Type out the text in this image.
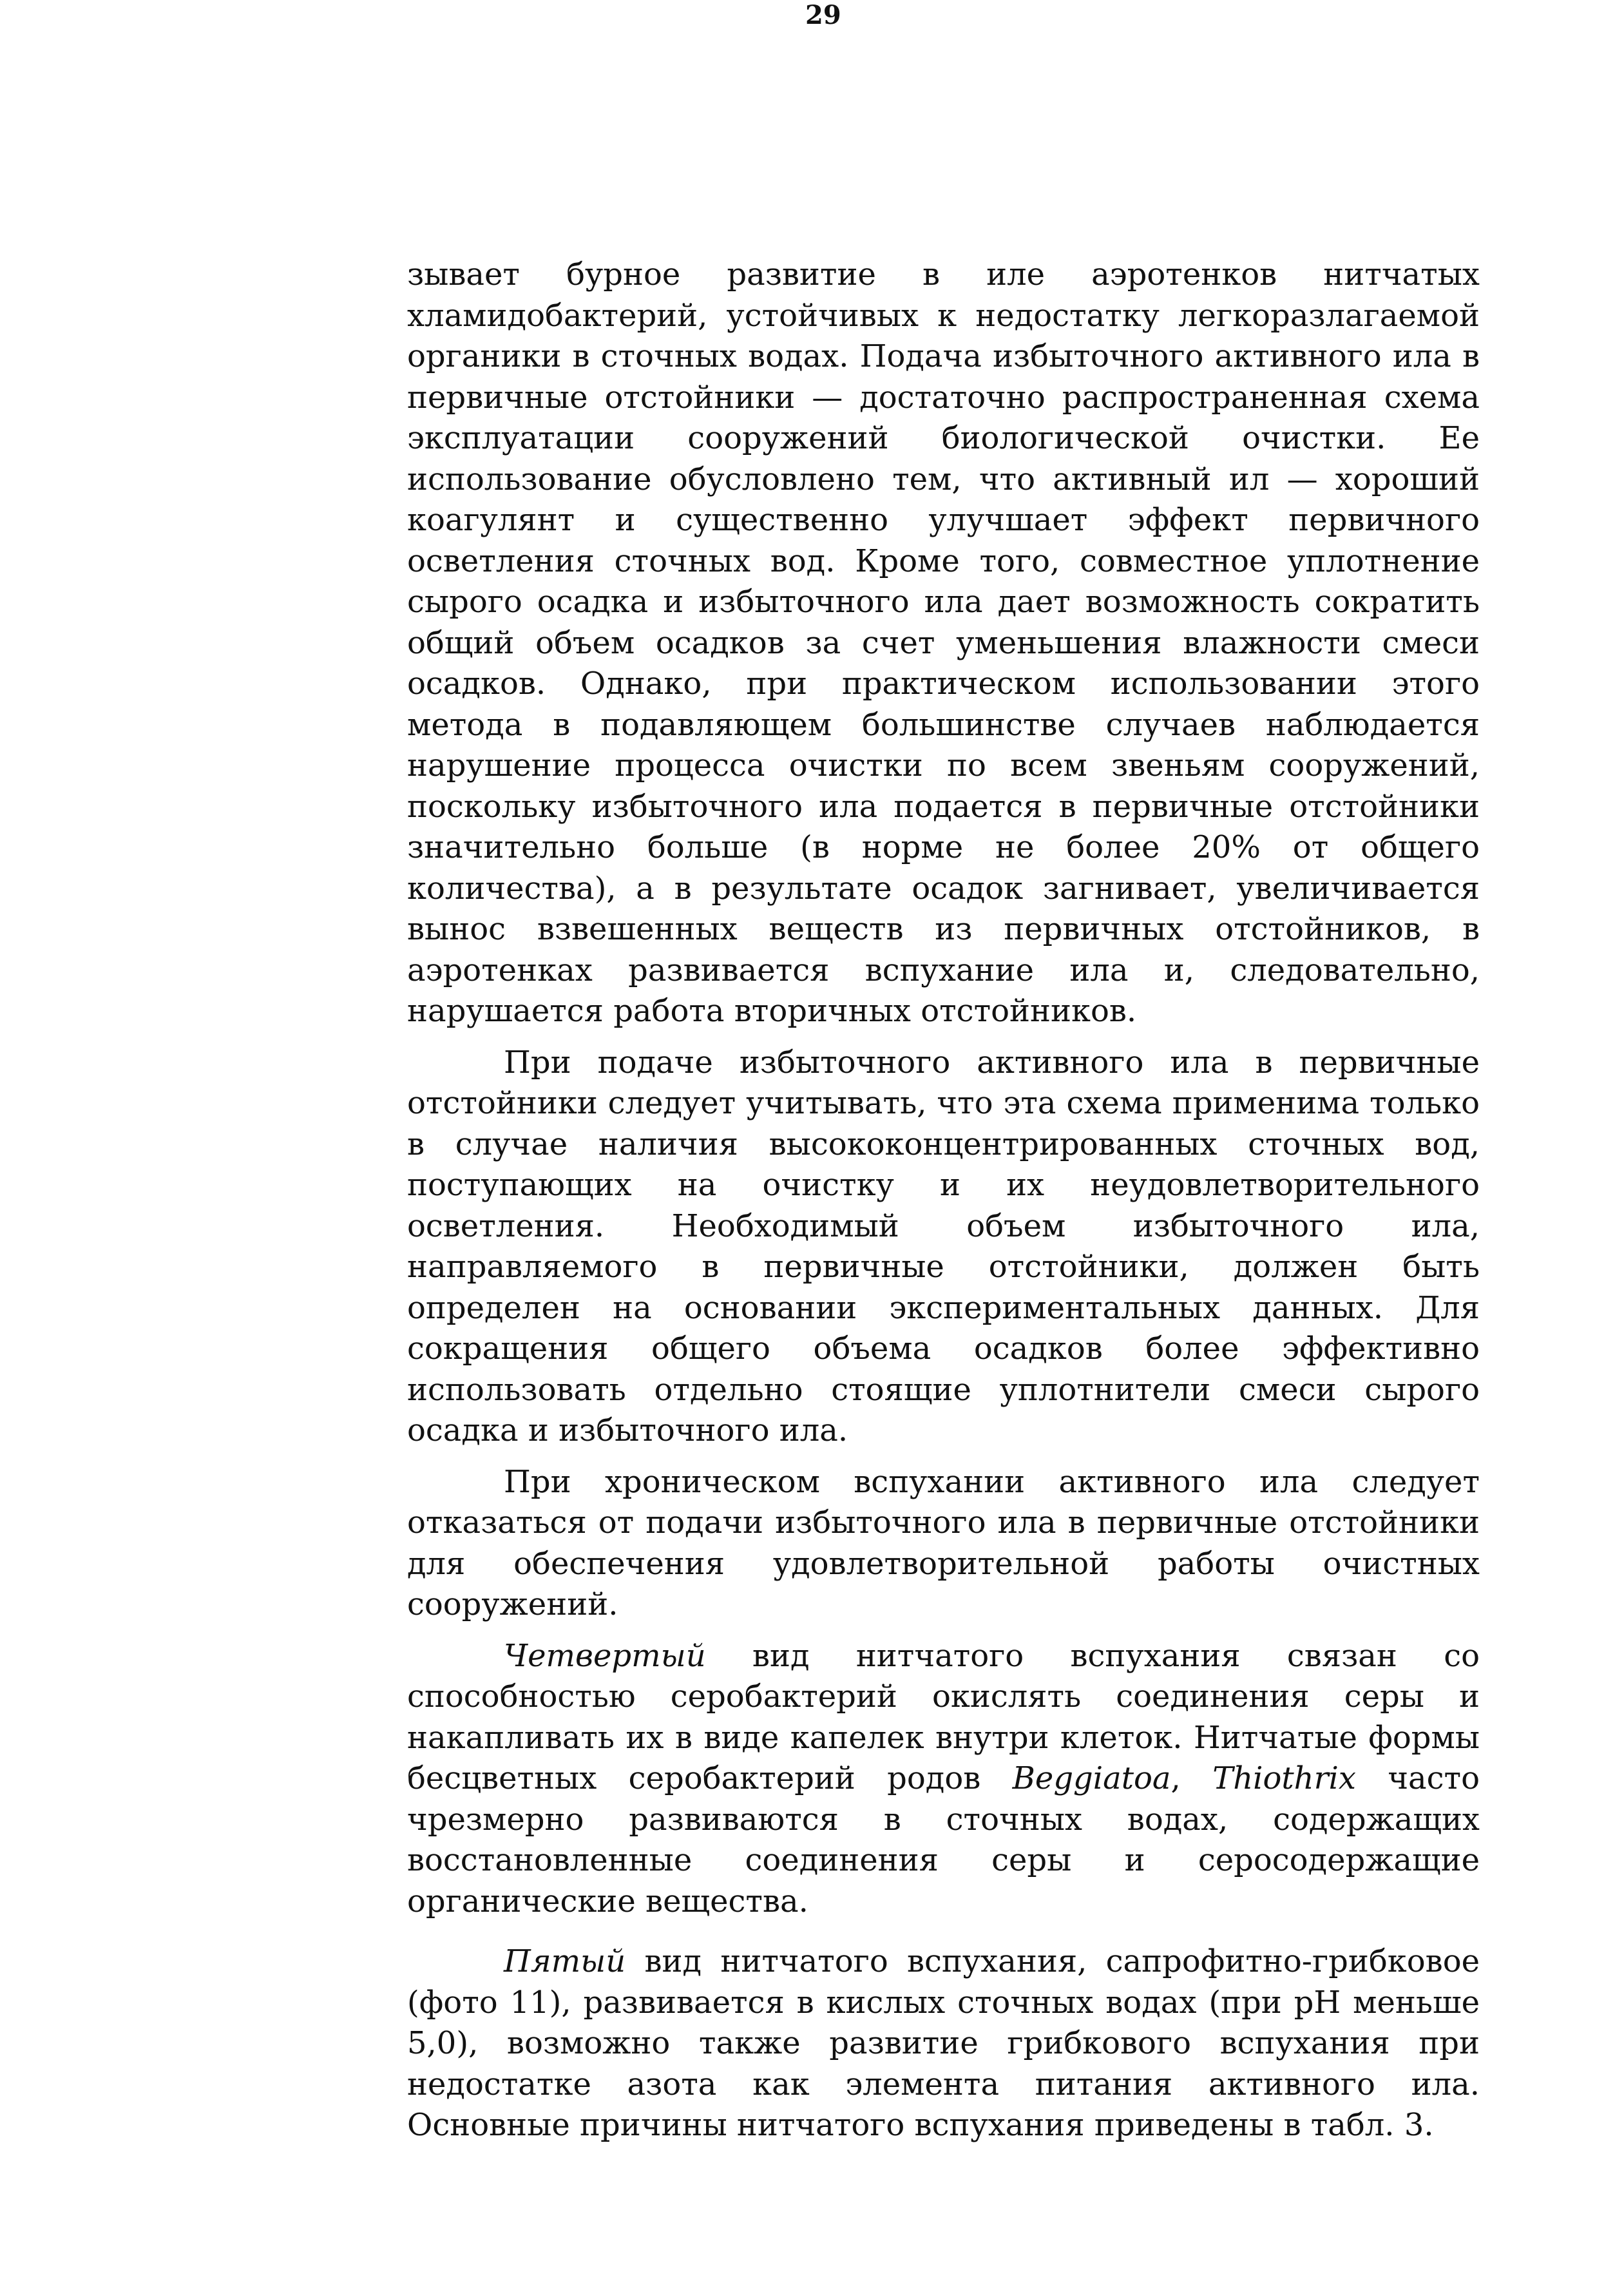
29

зывает бурное развитие в иле аэротенков нитчатых хламидобактерий, устойчивых к недостатку легкоразлагаемой органики в сточных водах. Подача избыточного активного ила в первичные отстойники — достаточно распространенная схема эксплуатации сооружений биологической очистки. Ее использование обусловлено тем, что активный ил — хороший коагулянт и существенно улучшает эффект первичного осветления сточных вод. Кроме того, совместное уплотнение сырого осадка и избыточного ила дает возможность сократить общий объем осадков за счет уменьшения влажности смеси осадков. Однако, при практическом использовании этого метода в подавляющем большинстве случаев наблюдается нарушение процесса очистки по всем звеньям сооружений, поскольку избыточного ила подается в первичные отстойники значительно больше (в норме не более 20% от общего количества), а в результате осадок загнивает, увеличивается вынос взвешенных веществ из первичных отстойников, в аэротенках развивается вспухание ила и, следовательно, нарушается работа вторичных отстойников.

При подаче избыточного активного ила в первичные отстойники следует учитывать, что эта схема применима только в случае наличия высококонцентрированных сточных вод, поступающих на очистку и их неудовлетворительного осветления. Необходимый объем избыточного ила, направляемого в первичные отстойники, должен быть определен на основании экспериментальных данных. Для сокращения общего объема осадков более эффективно использовать отдельно стоящие уплотнители смеси сырого осадка и избыточного ила.

При хроническом вспухании активного ила следует отказаться от подачи избыточного ила в первичные отстойники для обеспечения удовлетворительной работы очистных сооружений.

Четвертый вид нитчатого вспухания связан со способностью серобактерий окислять соединения серы и накапливать их в виде капелек внутри клеток. Нитчатые формы бесцветных серобактерий родов Beggiatoa, Thiothrix часто чрезмерно развиваются в сточных водах, содержащих восстановленные соединения серы и серосодержащие органические вещества.

Пятый вид нитчатого вспухания, сапрофитно-грибковое (фото 11), развивается в кислых сточных водах (при pH меньше 5,0), возможно также развитие грибкового вспухания при недостатке азота как элемента питания активного ила. Основные причины нитчатого вспухания приведены в табл. 3.
